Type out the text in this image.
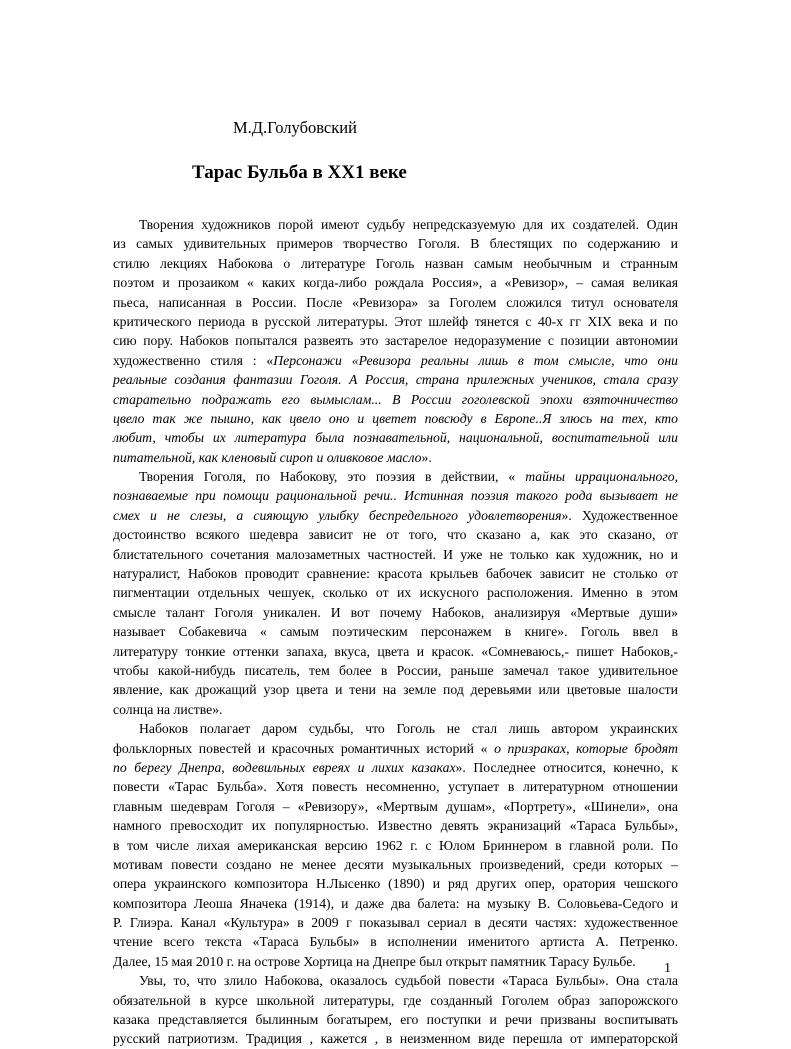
М.Д.Голубовский
Тарас Бульба в ХХ1 веке
Творения художников порой имеют судьбу непредсказуемую для их создателей. Один
из самых удивительных примеров творчество Гоголя. В блестящих по содержанию и
стилю лекциях Набокова о литературе Гоголь назван самым необычным и странным
поэтом и прозаиком « каких когда-либо рождала Россия», а «Ревизор», – самая великая
пьеса, написанная в России. После «Ревизора» за Гоголем сложился титул основателя
критического периода в русской литературы. Этот шлейф тянется с 40-х гг XIX века и по
сию пору. Набоков попытался развеять это застарелое недоразумение с позиции автономии
художественно стиля : «Персонажи «Ревизора реальны лишь в том смысле, что они
реальные создания фантазии Гоголя. А Россия, страна прилежных учеников, стала сразу
старательно подражать его вымыслам... В России гоголевской эпохи взяточничество
цвело так же пышно, как цвело оно и цветет повсюду в Европе..Я злюсь на тех, кто
любит, чтобы их литература была познавательной, национальной, воспитательной или
питательной, как кленовый сироп и оливковое масло».
Творения Гоголя, по Набокову, это поэзия в действии, « тайны иррационального,
познаваемые при помощи рациональной речи.. Истинная поэзия такого рода вызывает не
смех и не слезы, а сияющую улыбку беспредельного удовлетворения». Художественное
достоинство всякого шедевра зависит не от того, что сказано а, как это сказано, от
блистательного сочетания малозаметных частностей. И уже не только как художник, но и
натуралист, Набоков проводит сравнение: красота крыльев бабочек зависит не столько от
пигментации отдельных чешуек, сколько от их искусного расположения. Именно в этом
смысле талант Гоголя уникален. И вот почему Набоков, анализируя «Мертвые души»
называет Собакевича « самым поэтическим персонажем в книге». Гоголь ввел в
литературу тонкие оттенки запаха, вкуса, цвета и красок. «Сомневаюсь,- пишет Набоков,-
чтобы какой-нибудь писатель, тем более в России, раньше замечал такое удивительное
явление, как дрожащий узор цвета и тени на земле под деревьями или цветовые шалости
солнца на листве».
Набоков полагает даром судьбы, что Гоголь не стал лишь автором украинских
фольклорных повестей и красочных романтичных историй « о призраках, которые бродят
по берегу Днепра, водевильных евреях и лихих казаках». Последнее относится, конечно, к
повести «Тарас Бульба». Хотя повесть несомненно, уступает в литературном отношении
главным шедеврам Гоголя – «Ревизору», «Мертвым душам», «Портрету», «Шинели», она
намного превосходит их популярностью. Известно девять экранизаций «Тараса Бульбы»,
в том числе лихая американская версию 1962 г. с Юлом Бриннером в главной роли. По
мотивам повести создано не менее десяти музыкальных произведений, среди которых –
опера украинского композитора Н.Лысенко (1890) и ряд других опер, оратория чешского
композитора Леоша Яначека (1914), и даже два балета: на музыку В. Соловьева-Седого и
Р. Глиэра. Канал «Культура» в 2009 г показывал сериал в десяти частях: художественное
чтение всего текста «Тараса Бульбы» в исполнении именитого артиста А. Петренко.
Далее, 15 мая 2010 г. на острове Хортица на Днепре был открыт памятник Тарасу Бульбе.
Увы, то, что злило Набокова, оказалось судьбой повести «Тараса Бульбы». Она стала
обязательной в курсе школьной литературы, где созданный Гоголем образ запорожского
казака представляется былинным богатырем, его поступки и речи призваны воспитывать
русский патриотизм. Традиция , кажется , в неизменном виде перешла от императорской
1
